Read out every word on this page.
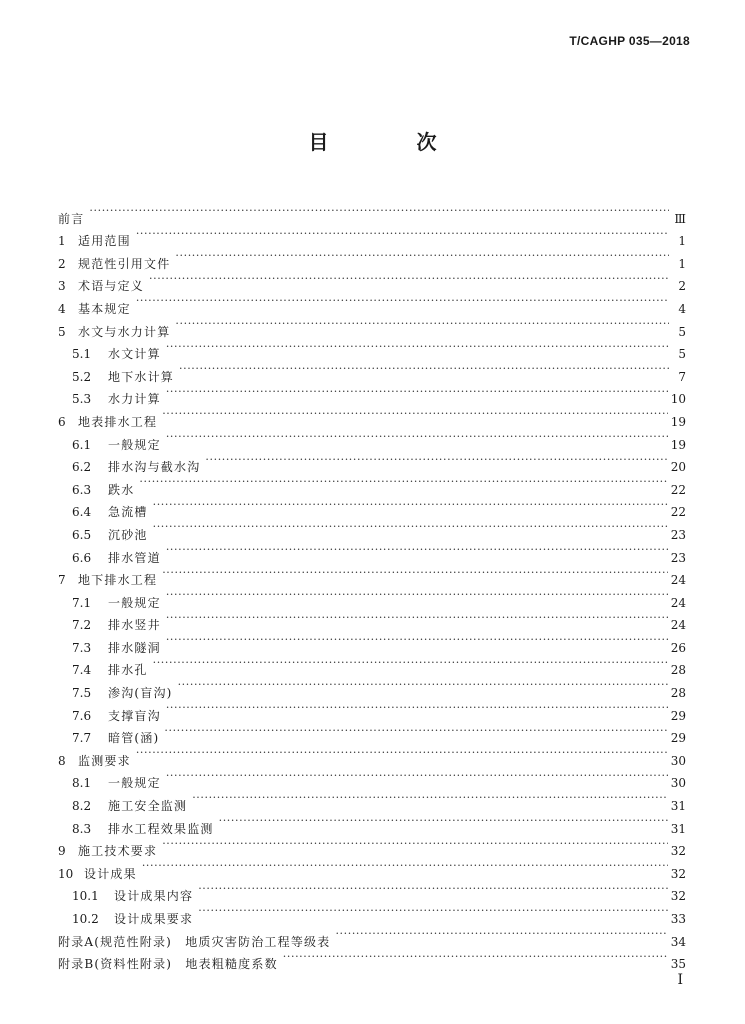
T/CAGHP 035—2018
目　次
前言 ·····	Ⅲ
1	适用范围 ·····	1
2	规范性引用文件 ·····	1
3	术语与定义 ·····	2
4	基本规定 ·····	4
5	水文与水力计算 ·····	5
5.1	水文计算 ·····	5
5.2	地下水计算 ·····	7
5.3	水力计算 ·····	10
6	地表排水工程 ·····	19
6.1	一般规定 ·····	19
6.2	排水沟与截水沟 ·····	20
6.3	跌水 ·····	22
6.4	急流槽 ·····	22
6.5	沉砂池 ·····	23
6.6	排水管道 ·····	23
7	地下排水工程 ·····	24
7.1	一般规定 ·····	24
7.2	排水竖井 ·····	24
7.3	排水隧洞 ·····	26
7.4	排水孔 ·····	28
7.5	渗沟(盲沟) ·····	28
7.6	支撑盲沟 ·····	29
7.7	暗管(涵) ·····	29
8	监测要求 ·····	30
8.1	一般规定 ·····	30
8.2	施工安全监测 ·····	31
8.3	排水工程效果监测 ·····	31
9	施工技术要求 ·····	32
10 设计成果 ·····	32
10.1	设计成果内容 ·····	32
10.2	设计成果要求 ·····	33
附录A(规范性附录)　地质灾害防治工程等级表 ·····	34
附录B(资料性附录)　地表粗糙度系数 ·····	35
I
